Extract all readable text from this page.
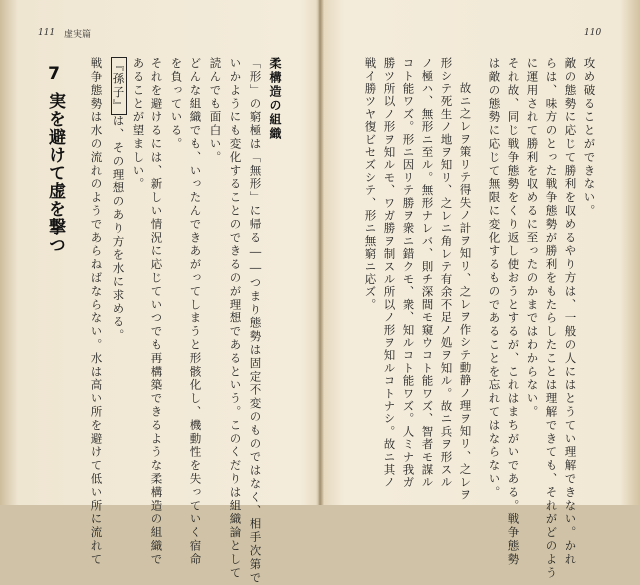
111 虚実篇
7
実を避けて虚を撃つ 戦争態勢は水の流れのようであらねばならない。水は高い所を避けて低い所に流れて 『孫子』は、その理想のあり方を水に求める。 あることが望ましい。 それを避けるには、新しい情況に応じていつでも再構築できるような柔構造の組織で を負っている。 どんな組織でも、いったんできあがってしまうと形骸化し、機動性を失っていく宿命 読んでも面白い。 いかようにも変化することのできるのが理想であるという。このくだりは組織論として 「形」の窮極は「無形」に帰る――つまり態勢は固定不変のものではなく、相手次第で 柔構造の組織
110
攻め破ることができない。
敵の態勢に応じて勝利を収めるやり方は、一般の人にはとうてい理解できない。かれ
らは、味方のとった戦争態勢が勝利をもたらしたことは理解できても、それがどのよう
に運用されて勝利を収めるに至ったのかまではわからない。
それ故、同じ戦争態勢をくり返し使おうとするが、これはまちがいである。戦争態勢
は敵の態勢に応じて無限に変化するものであることを忘れてはならない。
故ニ之レヲ策リテ得失ノ計ヲ知リ、之レヲ作シテ動静ノ理ヲ知リ、之レヲ
形シテ死生ノ地ヲ知リ、之レニ角レテ有余不足ノ処ヲ知ル。故ニ兵ヲ形スル
ノ極ハ、無形ニ至ル。無形ナレバ、則チ深間モ窺ウコト能ワズ、智者モ謀ル
コト能ワズ。形ニ因リテ勝ヲ衆ニ錯クモ、衆、知ルコト能ワズ。人ミナ我ガ
勝ツ所以ノ形ヲ知ルモ、ワガ勝ヲ制スル所以ノ形ヲ知ルコトナシ。故ニ其ノ
戦イ勝ツヤ復ビセズシテ、形ニ無窮ニ応ズ。
